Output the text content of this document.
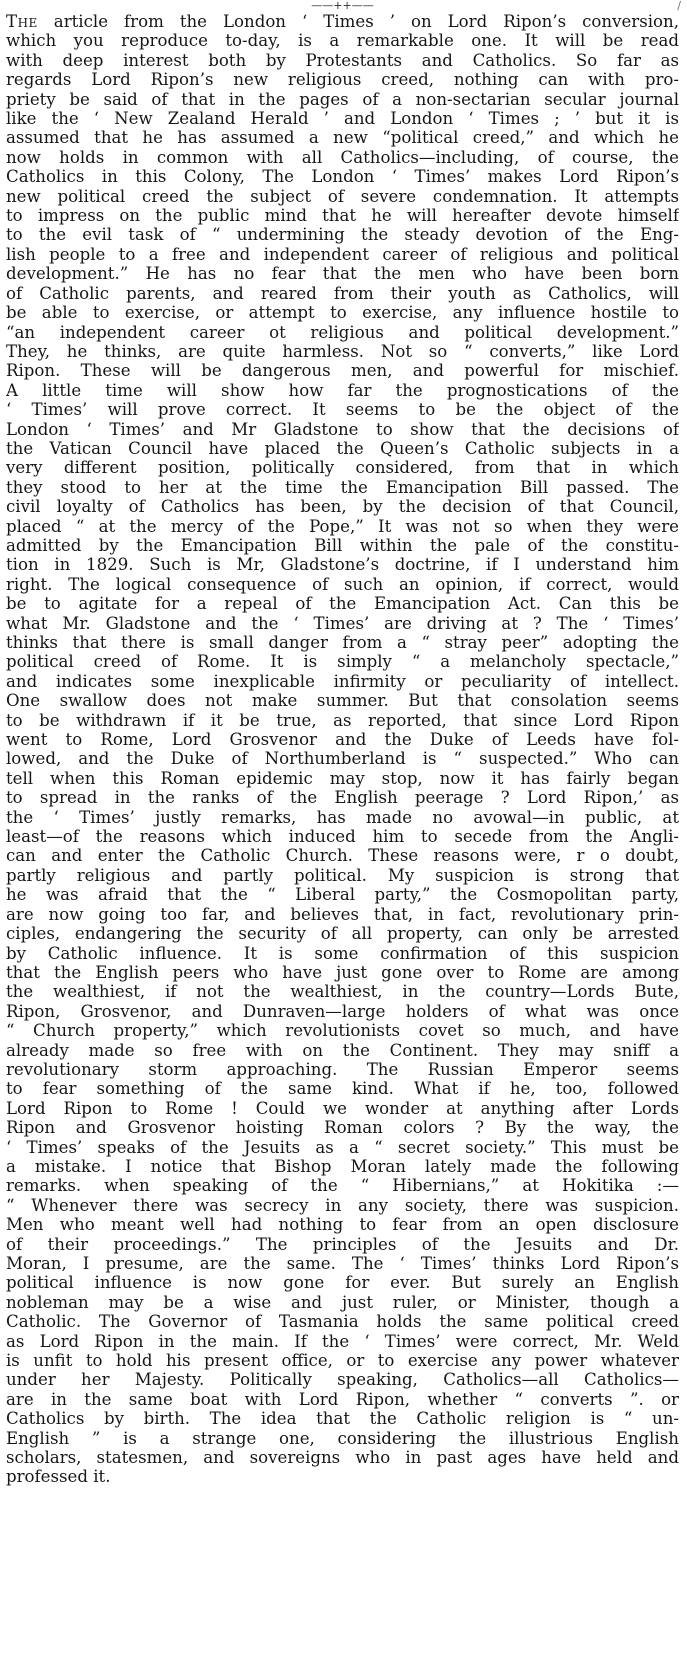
——++——	/
The article from the London ‘ Times ’ on Lord Ripon’s conversion,
which you reproduce to-day, is a remarkable one. It will be read
with deep interest both by Protestants and Catholics. So far as
regards Lord Ripon’s new religious creed, nothing can with pro-
priety be said of that in the pages of a non-sectarian secular journal
like the ‘ New Zealand Herald ’ and London ‘ Times ; ’ but it is
assumed that he has assumed a new “political creed,” and which he
now holds in common with all Catholics—including, of course, the
Catholics in this Colony, The London ‘ Times’ makes Lord Ripon’s
new political creed the subject of severe condemnation. It attempts
to impress on the public mind that he will hereafter devote himself
to the evil task of “ undermining the steady devotion of the Eng-
lish people to a free and independent career of religious and political
development.” He has no fear that the men who have been born
of Catholic parents, and reared from their youth as Catholics, will
be able to exercise, or attempt to exercise, any influence hostile to
“an independent career ot religious and political development.”
They, he thinks, are quite harmless. Not so “ converts,” like Lord
Ripon. These will be dangerous men, and powerful for mischief.
A little time will show how far the prognostications of the
‘ Times’ will prove correct. It seems to be the object of the
London ‘ Times’ and Mr Gladstone to show that the decisions of
the Vatican Council have placed the Queen’s Catholic subjects in a
very different position, politically considered, from that in which
they stood to her at the time the Emancipation Bill passed. The
civil loyalty of Catholics has been, by the decision of that Council,
placed “ at the mercy of the Pope,” It was not so when they were
admitted by the Emancipation Bill within the pale of the constitu-
tion in 1829. Such is Mr, Gladstone’s doctrine, if I understand him
right. The logical consequence of such an opinion, if correct, would
be to agitate for a repeal of the Emancipation Act. Can this be
what Mr. Gladstone and the ‘ Times’ are driving at ? The ‘ Times’
thinks that there is small danger from a “ stray peer” adopting the
political creed of Rome. It is simply “ a melancholy spectacle,”
and indicates some inexplicable infirmity or peculiarity of intellect.
One swallow does not make summer. But that consolation seems
to be withdrawn if it be true, as reported, that since Lord Ripon
went to Rome, Lord Grosvenor and the Duke of Leeds have fol-
lowed, and the Duke of Northumberland is “ suspected.” Who can
tell when this Roman epidemic may stop, now it has fairly began
to spread in the ranks of the English peerage ? Lord Ripon,’ as
the ‘ Times’ justly remarks, has made no avowal—in public, at
least—of the reasons which induced him to secede from the Angli-
can and enter the Catholic Church. These reasons were, r o doubt,
partly religious and partly political. My suspicion is strong that
he was afraid that the “ Liberal party,” the Cosmopolitan party,
are now going too far, and believes that, in fact, revolutionary prin-
ciples, endangering the security of all property, can only be arrested
by Catholic influence. It is some confirmation of this suspicion
that the English peers who have just gone over to Rome are among
the wealthiest, if not the wealthiest, in the country—Lords Bute,
Ripon, Grosvenor, and Dunraven—large holders of what was once
“ Church property,” which revolutionists covet so much, and have
already made so free with on the Continent. They may sniff a
revolutionary storm approaching. The Russian Emperor seems
to fear something of the same kind. What if he, too, followed
Lord Ripon to Rome ! Could we wonder at anything after Lords
Ripon and Grosvenor hoisting Roman colors ? By the way, the
‘ Times’ speaks of the Jesuits as a “ secret society.” This must be
a mistake. I notice that Bishop Moran lately made the following
remarks. when speaking of the “ Hibernians,” at Hokitika :—
“ Whenever there was secrecy in any society, there was suspicion.
Men who meant well had nothing to fear from an open disclosure
of their proceedings.” The principles of the Jesuits and Dr.
Moran, I presume, are the same. The ‘ Times’ thinks Lord Ripon’s
political influence is now gone for ever. But surely an English
nobleman may be a wise and just ruler, or Minister, though a
Catholic. The Governor of Tasmania holds the same political creed
as Lord Ripon in the main. If the ‘ Times’ were correct, Mr. Weld
is unfit to hold his present office, or to exercise any power whatever
under her Majesty. Politically speaking, Catholics—all Catholics—
are in the same boat with Lord Ripon, whether “ converts ”. or
Catholics by birth. The idea that the Catholic religion is “ un-
English ” is a strange one, considering the illustrious English
scholars, statesmen, and sovereigns who in past ages have held and
professed it.
